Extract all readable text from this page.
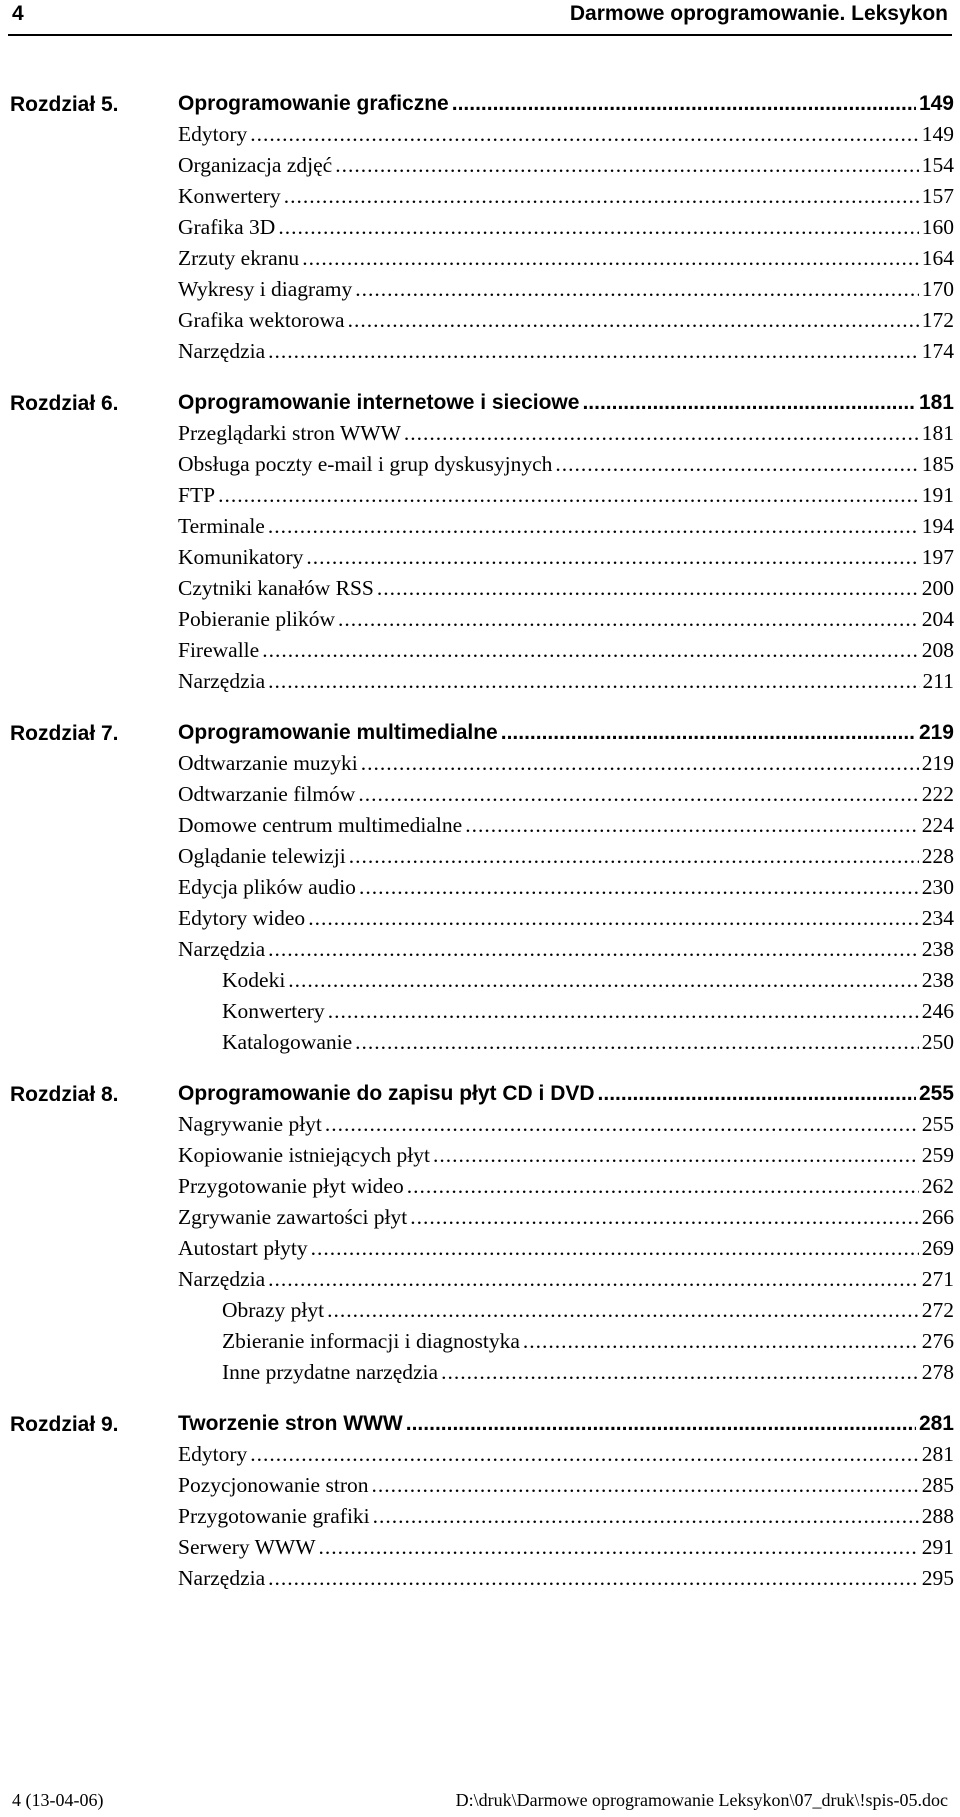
4	Darmowe oprogramowanie. Leksykon
Rozdział 5.	Oprogramowanie graficzne .....	149
Edytory .....	149
Organizacja zdjęć .....	154
Konwertery .....	157
Grafika 3D .....	160
Zrzuty ekranu .....	164
Wykresy i diagramy .....	170
Grafika wektorowa .....	172
Narzędzia .....	174
Rozdział 6.	Oprogramowanie internetowe i sieciowe .....	181
Przeglądarki stron WWW .....	181
Obsługa poczty e-mail i grup dyskusyjnych .....	185
FTP .....	191
Terminale .....	194
Komunikatory .....	197
Czytniki kanałów RSS .....	200
Pobieranie plików .....	204
Firewalle .....	208
Narzędzia .....	211
Rozdział 7.	Oprogramowanie multimedialne .....	219
Odtwarzanie muzyki .....	219
Odtwarzanie filmów .....	222
Domowe centrum multimedialne .....	224
Oglądanie telewizji .....	228
Edycja plików audio .....	230
Edytory wideo .....	234
Narzędzia .....	238
Kodeki .....	238
Konwertery .....	246
Katalogowanie .....	250
Rozdział 8.	Oprogramowanie do zapisu płyt CD i DVD .....	255
Nagrywanie płyt .....	255
Kopiowanie istniejących płyt .....	259
Przygotowanie płyt wideo .....	262
Zgrywanie zawartości płyt .....	266
Autostart płyty .....	269
Narzędzia .....	271
Obrazy płyt .....	272
Zbieranie informacji i diagnostyka .....	276
Inne przydatne narzędzia .....	278
Rozdział 9.	Tworzenie stron WWW .....	281
Edytory .....	281
Pozycjonowanie stron .....	285
Przygotowanie grafiki .....	288
Serwery WWW .....	291
Narzędzia .....	295
4 (13-04-06)	D:\druk\Darmowe oprogramowanie Leksykon\07_druk\!spis-05.doc
